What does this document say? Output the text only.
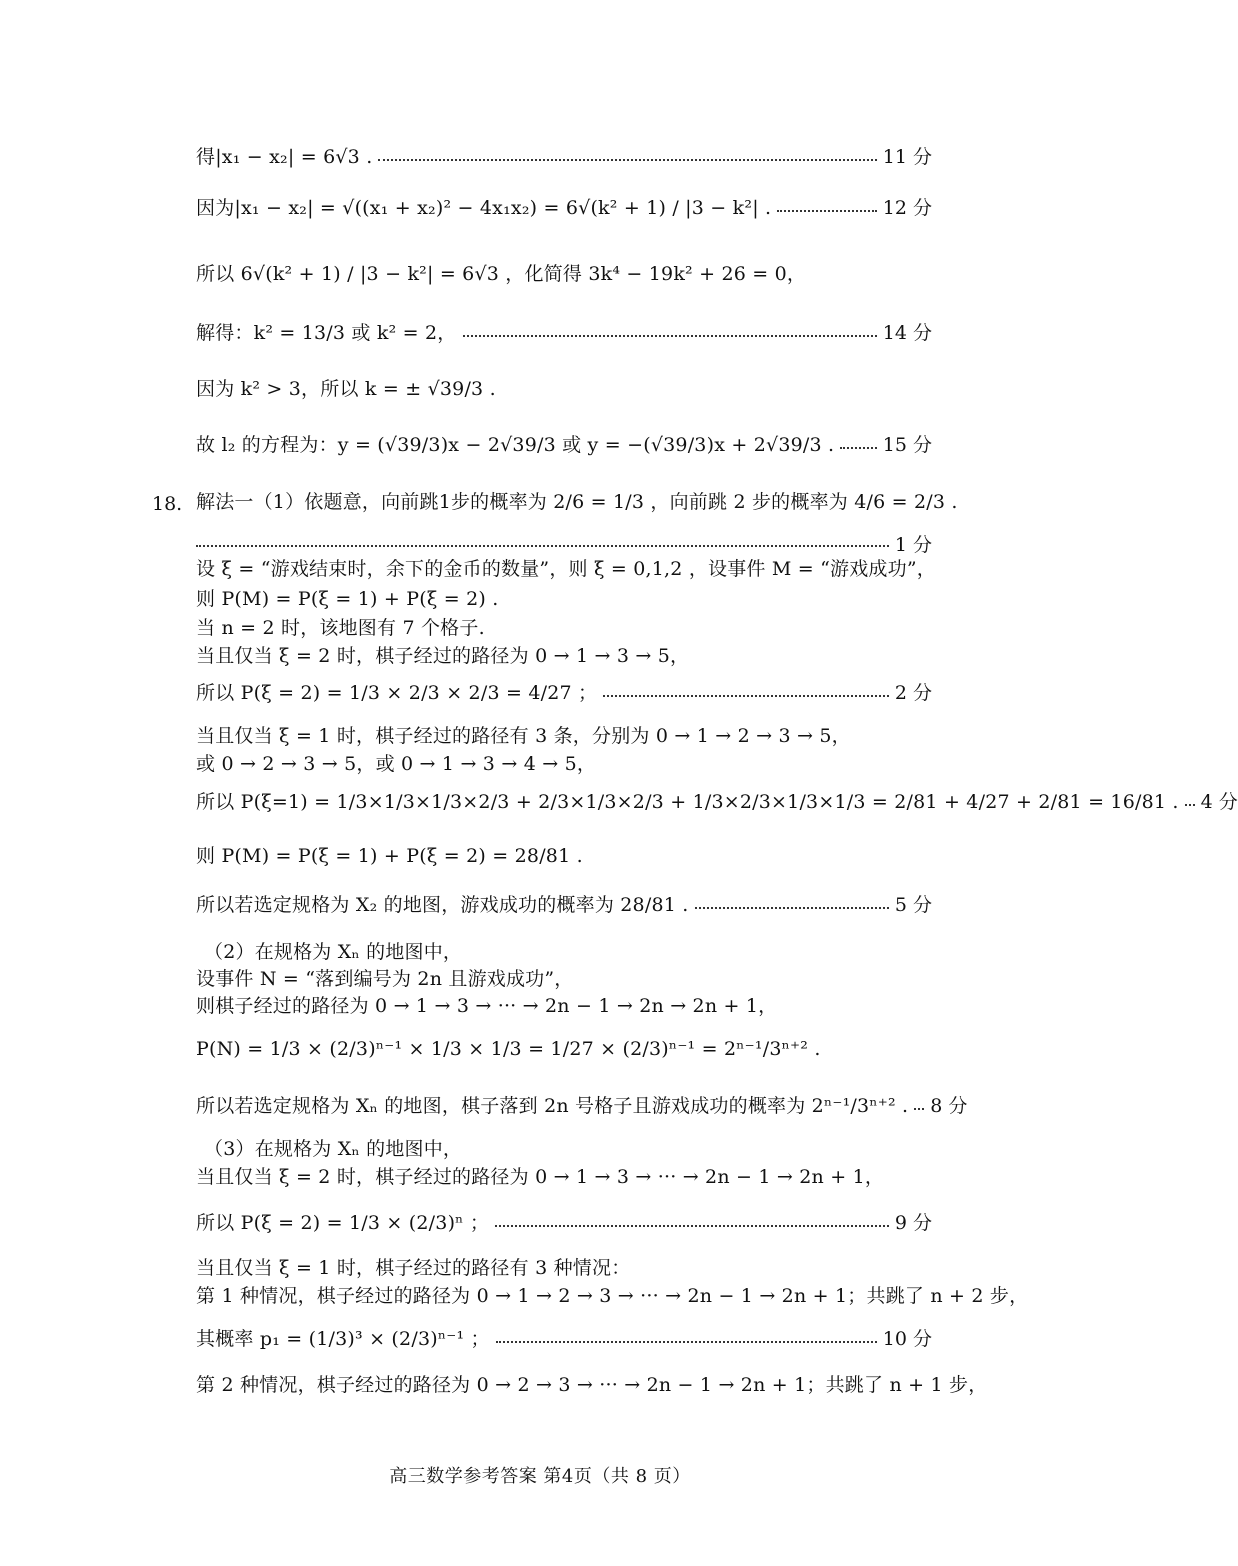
得|x₁ − x₂| = 6√3 .	11 分
因为|x₁ − x₂| = √((x₁ + x₂)² − 4x₁x₂) = 6√(k² + 1) / |3 − k²| .	12 分
所以 6√(k² + 1) / |3 − k²| = 6√3 ，化简得 3k⁴ − 19k² + 26 = 0，
解得：k² = 13/3 或 k² = 2，	14 分
因为 k² > 3，所以 k = ± √39/3 .
故 l₂ 的方程为：y = (√39/3)x − 2√39/3 或 y = −(√39/3)x + 2√39/3 .	15 分
18. 解法一（1）依题意，向前跳1步的概率为 2/6 = 1/3 ，向前跳 2 步的概率为 4/6 = 2/3 .
1 分
设 ξ = “游戏结束时，余下的金币的数量”，则 ξ = 0,1,2 ，设事件 M = “游戏成功”，
则 P(M) = P(ξ = 1) + P(ξ = 2) .
当 n = 2 时，该地图有 7 个格子.
当且仅当 ξ = 2 时，棋子经过的路径为 0 → 1 → 3 → 5，
所以 P(ξ = 2) = 1/3 × 2/3 × 2/3 = 4/27 ；	2 分
当且仅当 ξ = 1 时，棋子经过的路径有 3 条，分别为 0 → 1 → 2 → 3 → 5，
或 0 → 2 → 3 → 5，或 0 → 1 → 3 → 4 → 5，
所以 P(ξ=1) = 1/3×1/3×1/3×2/3 + 2/3×1/3×2/3 + 1/3×2/3×1/3×1/3 = 2/81 + 4/27 + 2/81 = 16/81 . 4 分
则 P(M) = P(ξ = 1) + P(ξ = 2) = 28/81 .
所以若选定规格为 X₂ 的地图，游戏成功的概率为 28/81 .	5 分
（2）在规格为 Xₙ 的地图中，
设事件 N = “落到编号为 2n 且游戏成功”，
则棋子经过的路径为 0 → 1 → 3 → ··· → 2n − 1 → 2n → 2n + 1，
P(N) = 1/3 × (2/3)ⁿ⁻¹ × 1/3 × 1/3 = 1/27 × (2/3)ⁿ⁻¹ = 2ⁿ⁻¹/3ⁿ⁺² .
所以若选定规格为 Xₙ 的地图，棋子落到 2n 号格子且游戏成功的概率为 2ⁿ⁻¹/3ⁿ⁺² . 8 分
（3）在规格为 Xₙ 的地图中，
当且仅当 ξ = 2 时，棋子经过的路径为 0 → 1 → 3 → ··· → 2n − 1 → 2n + 1，
所以 P(ξ = 2) = 1/3 × (2/3)ⁿ ；	9 分
当且仅当 ξ = 1 时，棋子经过的路径有 3 种情况：
第 1 种情况，棋子经过的路径为 0 → 1 → 2 → 3 → ··· → 2n − 1 → 2n + 1；共跳了 n + 2 步，
其概率 p₁ = (1/3)³ × (2/3)ⁿ⁻¹ ；	10 分
第 2 种情况，棋子经过的路径为 0 → 2 → 3 → ··· → 2n − 1 → 2n + 1；共跳了 n + 1 步，
高三数学参考答案 第4页（共 8 页）
